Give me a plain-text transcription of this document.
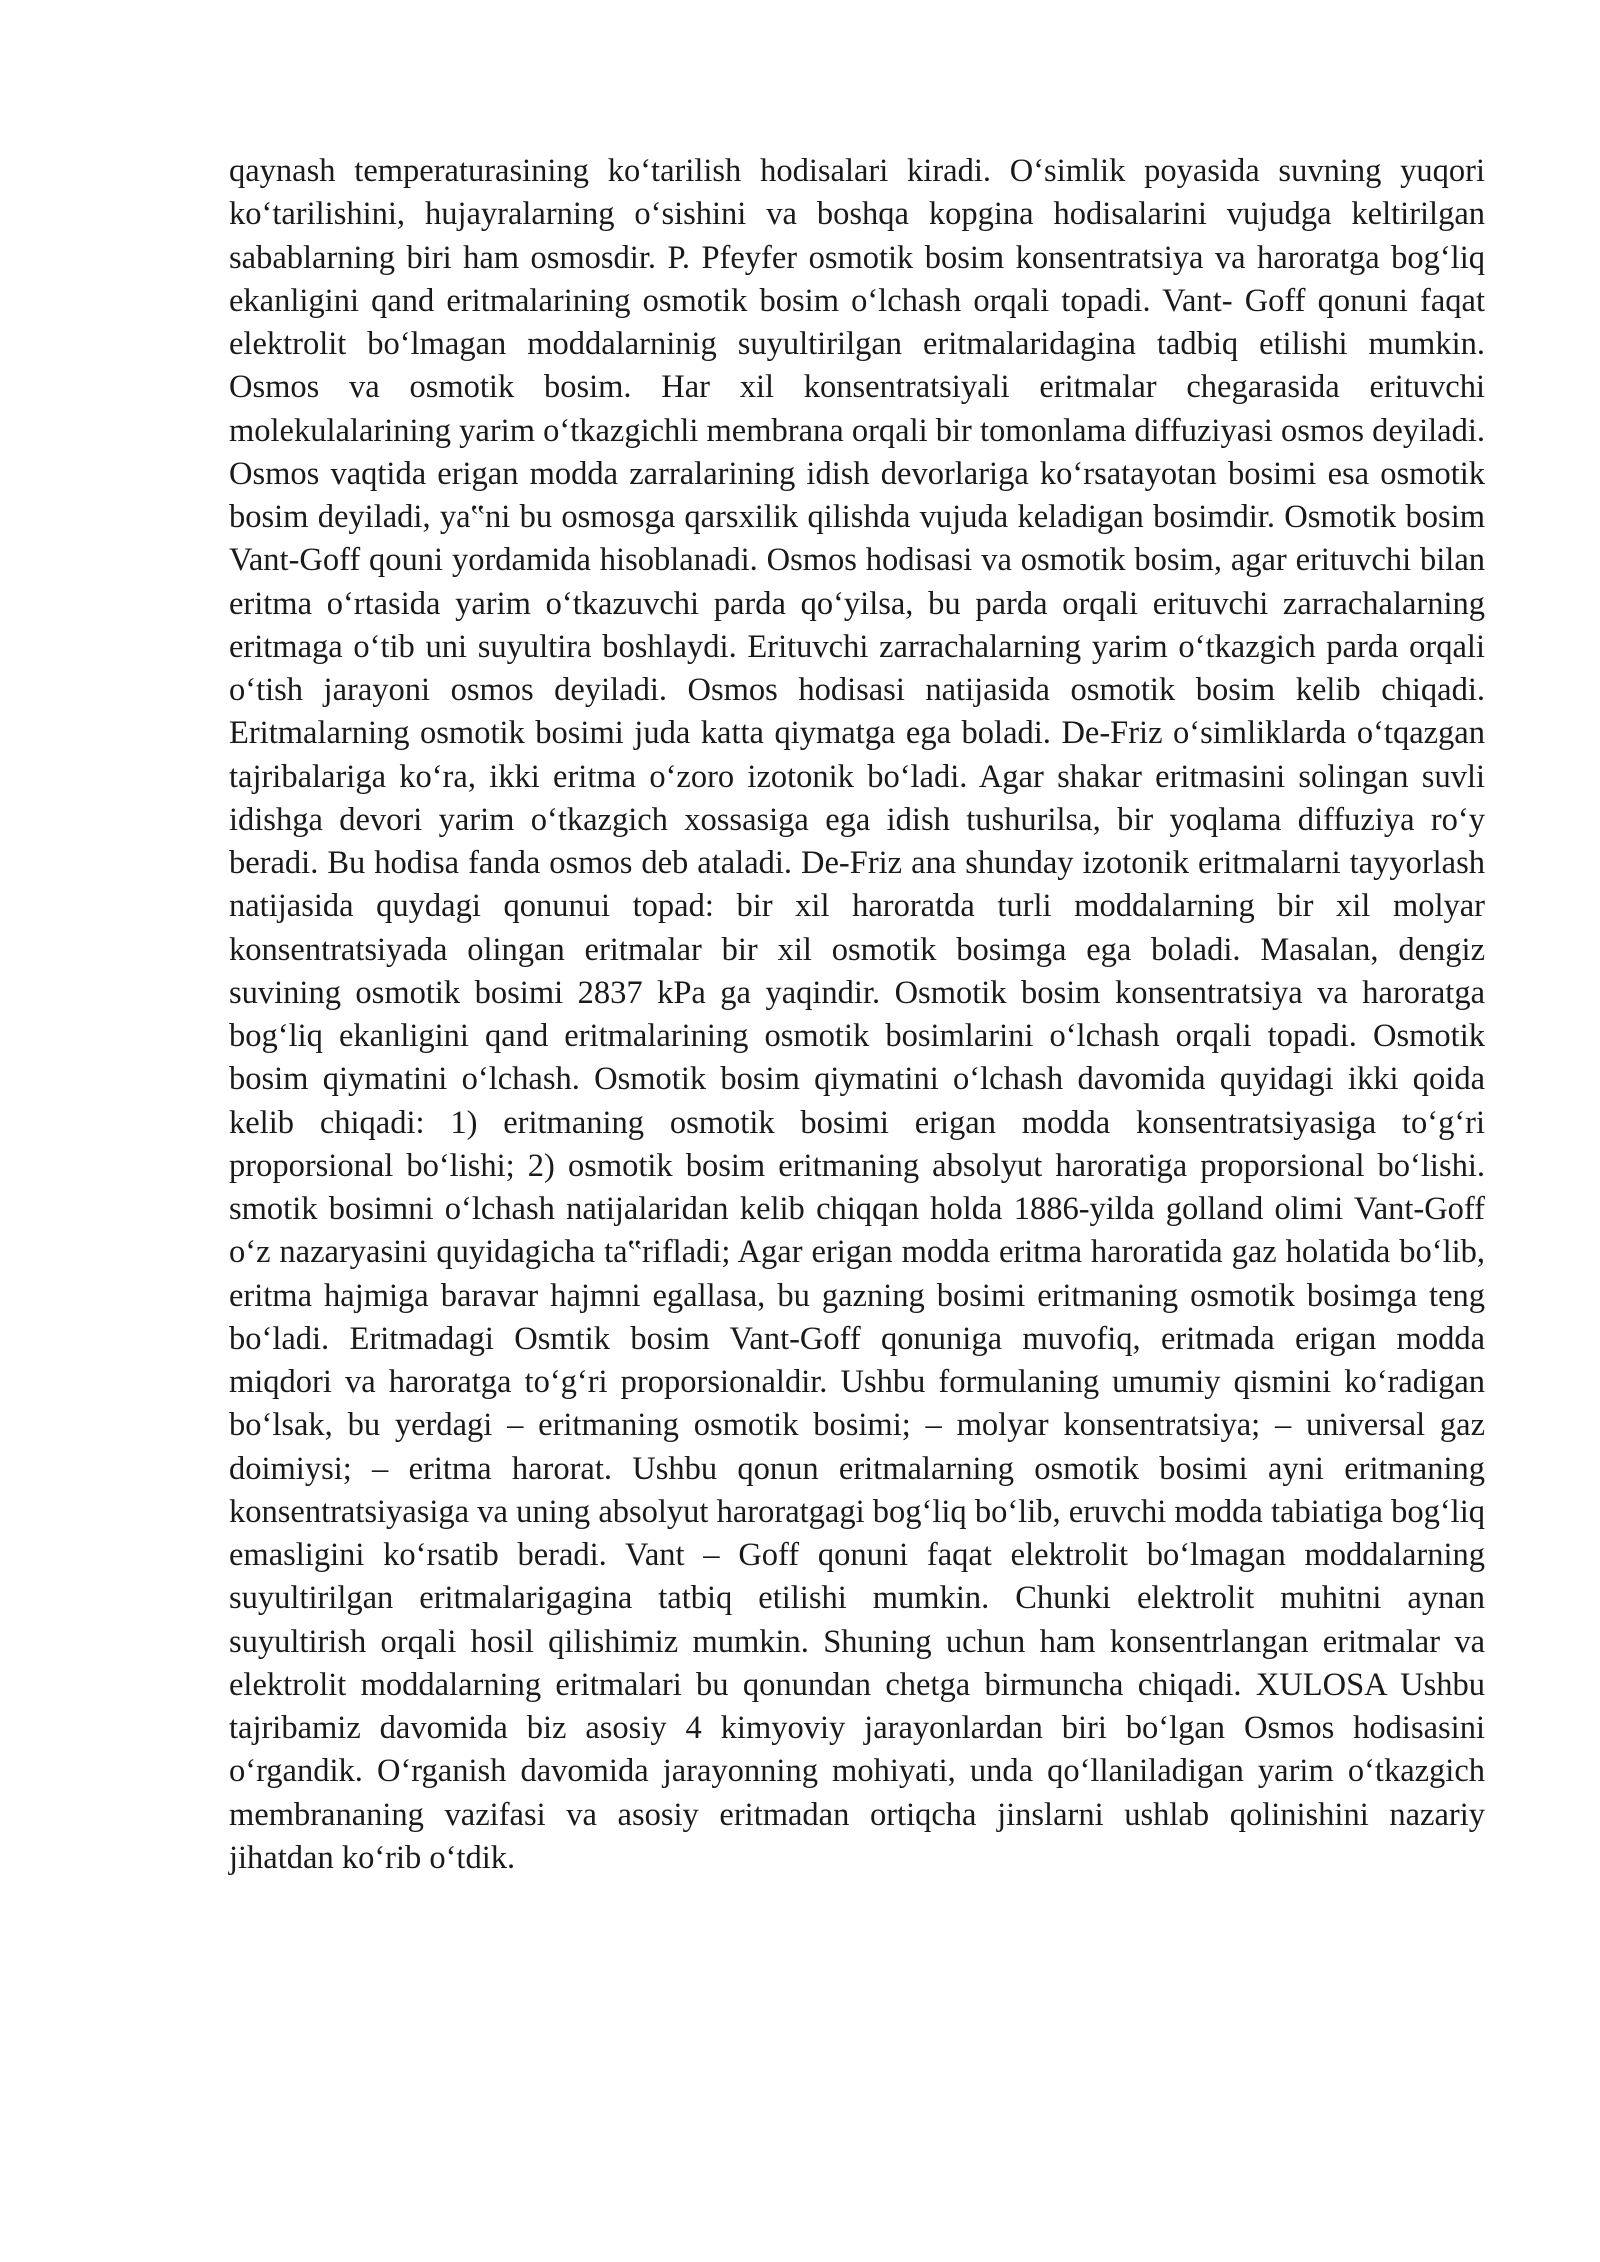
qaynash temperaturasining ko‘tarilish hodisalari kiradi. O‘simlik poyasida suvning yuqori ko‘tarilishini, hujayralarning o‘sishini va boshqa kopgina hodisalarini vujudga keltirilgan sabablarning biri ham osmosdir. P. Pfeyfer osmotik bosim konsentratsiya va haroratga bog‘liq ekanligini qand eritmalarining osmotik bosim o‘lchash orqali topadi. Vant- Goff qonuni faqat elektrolit bo‘lmagan moddalarninig suyultirilgan eritmalaridagina tadbiq etilishi mumkin. Osmos va osmotik bosim. Har xil konsentratsiyali eritmalar chegarasida erituvchi molekulalarining yarim o‘tkazgichli membrana orqali bir tomonlama diffuziyasi osmos deyiladi. Osmos vaqtida erigan modda zarralarining idish devorlariga ko‘rsatayotan bosimi esa osmotik bosim deyiladi, ya‟ni bu osmosga qarsxilik qilishda vujuda keladigan bosimdir. Osmotik bosim Vant-Goff qouni yordamida hisoblanadi. Osmos hodisasi va osmotik bosim, agar erituvchi bilan eritma o‘rtasida yarim o‘tkazuvchi parda qo‘yilsa, bu parda orqali erituvchi zarrachalarning eritmaga o‘tib uni suyultira boshlaydi. Erituvchi zarrachalarning yarim o‘tkazgich parda orqali o‘tish jarayoni osmos deyiladi. Osmos hodisasi natijasida osmotik bosim kelib chiqadi. Eritmalarning osmotik bosimi juda katta qiymatga ega boladi. De-Friz o‘simliklarda o‘tqazgan tajribalariga ko‘ra, ikki eritma o‘zoro izotonik bo‘ladi. Agar shakar eritmasini solingan suvli idishga devori yarim o‘tkazgich xossasiga ega idish tushurilsa, bir yoqlama diffuziya ro‘y beradi. Bu hodisa fanda osmos deb ataladi. De-Friz ana shunday izotonik eritmalarni tayyorlash natijasida quydagi qonunui topad: bir xil haroratda turli moddalarning bir xil molyar konsentratsiyada olingan eritmalar bir xil osmotik bosimga ega boladi. Masalan, dengiz suvining osmotik bosimi 2837 kPa ga yaqindir. Osmotik bosim konsentratsiya va haroratga bog‘liq ekanligini qand eritmalarining osmotik bosimlarini o‘lchash orqali topadi. Osmotik bosim qiymatini o‘lchash. Osmotik bosim qiymatini o‘lchash davomida quyidagi ikki qoida kelib chiqadi: 1) eritmaning osmotik bosimi erigan modda konsentratsiyasiga to‘g‘ri proporsional bo‘lishi; 2) osmotik bosim eritmaning absolyut haroratiga proporsional bo‘lishi. smotik bosimni o‘lchash natijalaridan kelib chiqqan holda 1886-yilda golland olimi Vant-Goff o‘z nazaryasini quyidagicha ta‟rifladi; Agar erigan modda eritma haroratida gaz holatida bo‘lib, eritma hajmiga baravar hajmni egallasa, bu gazning bosimi eritmaning osmotik bosimga teng bo‘ladi. Eritmadagi Osmtik bosim Vant-Goff qonuniga muvofiq, eritmada erigan modda miqdori va haroratga to‘g‘ri proporsionaldir. Ushbu formulaning umumiy qismini ko‘radigan bo‘lsak, bu yerdagi – eritmaning osmotik bosimi; – molyar konsentratsiya; – universal gaz doimiysi; – eritma harorat. Ushbu qonun eritmalarning osmotik bosimi ayni eritmaning konsentratsiyasiga va uning absolyut haroratgagi bog‘liq bo‘lib, eruvchi modda tabiatiga bog‘liq emasligini ko‘rsatib beradi. Vant – Goff qonuni faqat elektrolit bo‘lmagan moddalarning suyultirilgan eritmalarigagina tatbiq etilishi mumkin. Chunki elektrolit muhitni aynan suyultirish orqali hosil qilishimiz mumkin. Shuning uchun ham konsentrlangan eritmalar va elektrolit moddalarning eritmalari bu qonundan chetga birmuncha chiqadi. XULOSA Ushbu tajribamiz davomida biz asosiy 4 kimyoviy jarayonlardan biri bo‘lgan Osmos hodisasini o‘rgandik. O‘rganish davomida jarayonning mohiyati, unda qo‘llaniladigan yarim o‘tkazgich membrananing vazifasi va asosiy eritmadan ortiqcha jinslarni ushlab qolinishini nazariy jihatdan ko‘rib o‘tdik.
